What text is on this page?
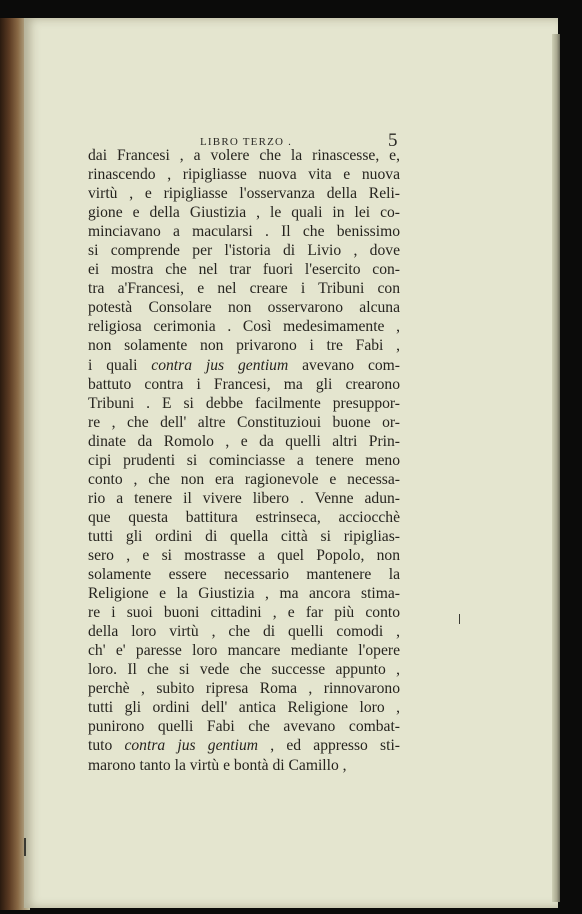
LIBRO TERZO .	5
dai Francesi , a volere che la rinascesse, e,
rinascendo , ripigliasse nuova vita e nuova
virtù , e ripigliasse l'osservanza della Reli-
gione e della Giustizia , le quali in lei co-
minciavano a macularsi . Il che benissimo
si comprende per l'istoria di Livio , dove
ei mostra che nel trar fuori l'esercito con-
tra a'Francesi, e nel creare i Tribuni con
potestà Consolare non osservarono alcuna
religiosa cerimonia . Così medesimamente ,
non solamente non privarono i tre Fabi ,
i quali contra jus gentium avevano com-
battuto contra i Francesi, ma gli crearono
Tribuni . E si debbe facilmente presuppor-
re , che dell' altre Constituzioui buone or-
dinate da Romolo , e da quelli altri Prin-
cipi prudenti si cominciasse a tenere meno
conto , che non era ragionevole e necessa-
rio a tenere il vivere libero . Venne adun-
que questa battitura estrinseca, acciocchè
tutti gli ordini di quella città si ripiglias-
sero , e si mostrasse a quel Popolo, non
solamente essere necessario mantenere la
Religione e la Giustizia , ma ancora stima-
re i suoi buoni cittadini , e far più conto
della loro virtù , che di quelli comodi ,
ch' e' paresse loro mancare mediante l'opere
loro. Il che si vede che successe appunto ,
perchè , subito ripresa Roma , rinnovarono
tutti gli ordini dell' antica Religione loro ,
punirono quelli Fabi che avevano combat-
tuto contra jus gentium , ed appresso sti-
marono tanto la virtù e bontà di Camillo ,
